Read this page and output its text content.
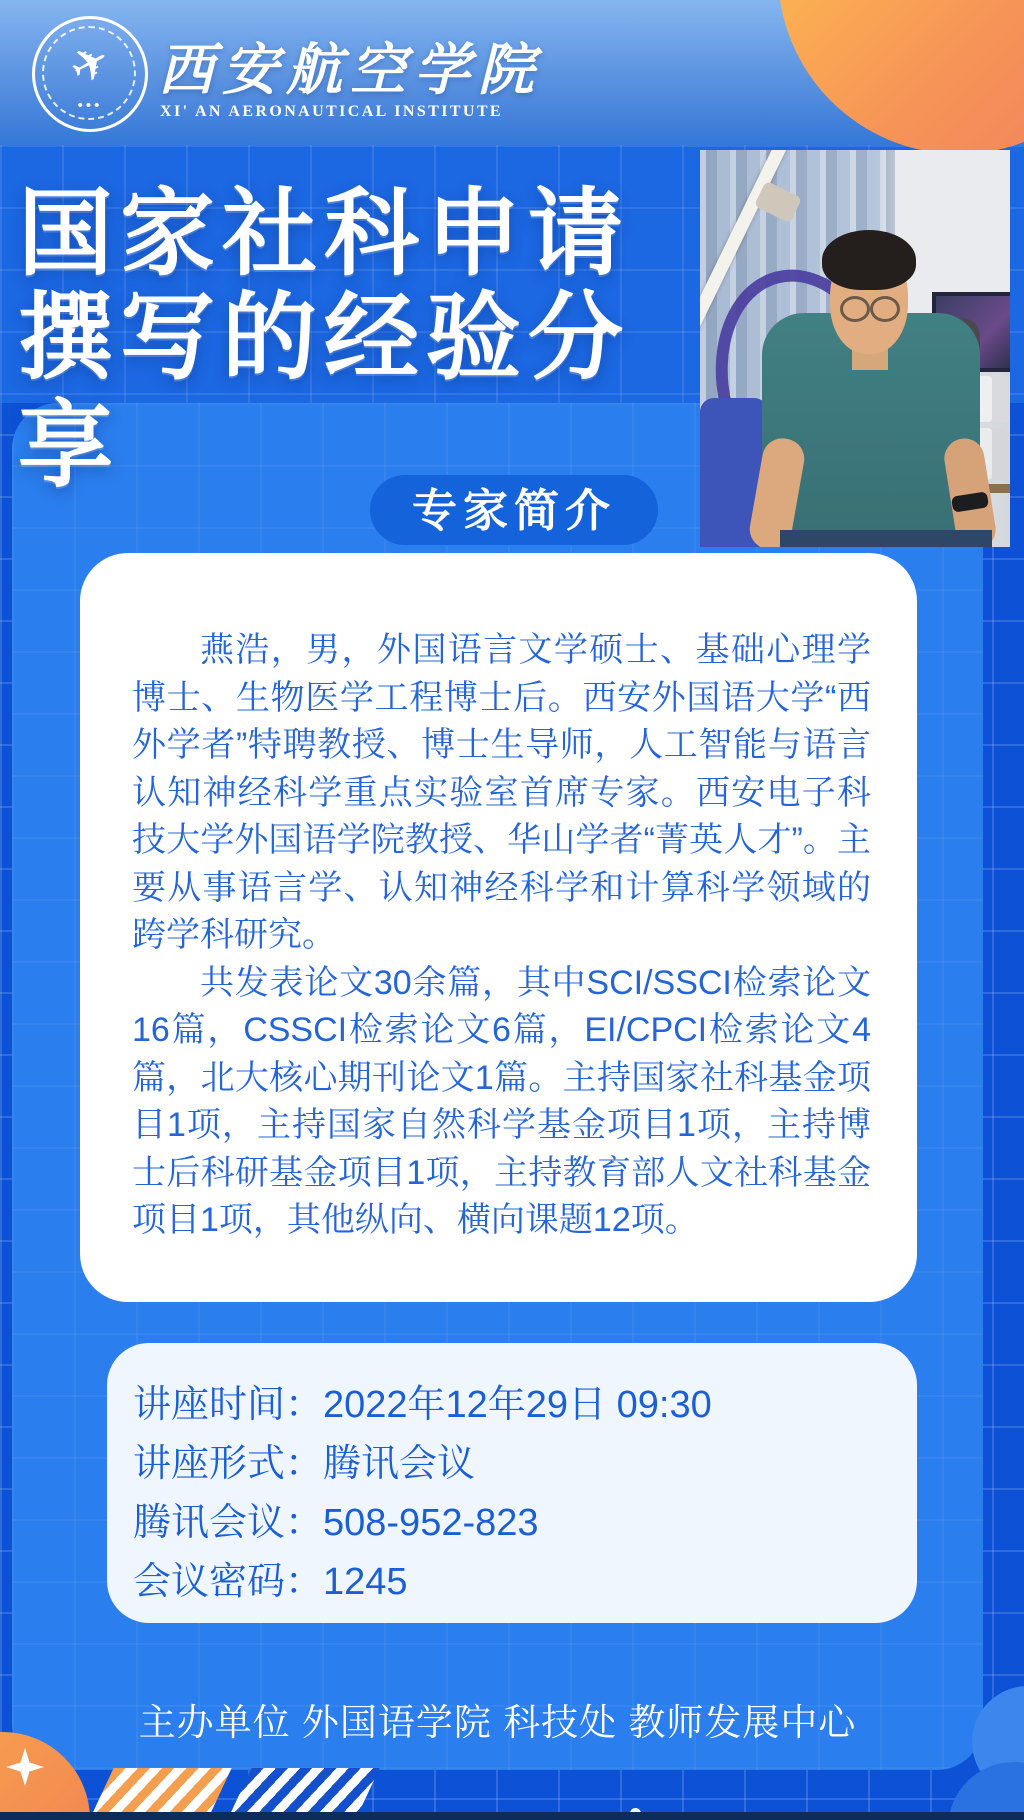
✈
•••
西安航空学院
XI' AN AERONAUTICAL INSTITUTE
国家社科申请
撰写的经验分
享
专家简介

燕浩，男，外国语言文学硕士、基础心理学博士、生物医学工程博士后。西安外国语大学“西外学者”特聘教授、博士生导师，人工智能与语言认知神经科学重点实验室首席专家。西安电子科技大学外国语学院教授、华山学者“菁英人才”。主要从事语言学、认知神经科学和计算科学领域的跨学科研究。

共发表论文30余篇，其中SCI/SSCI检索论文16篇，CSSCI检索论文6篇，EI/CPCI检索论文4篇，北大核心期刊论文1篇。主持国家社科基金项目1项，主持国家自然科学基金项目1项，主持博士后科研基金项目1项，主持教育部人文社科基金项目1项，其他纵向、横向课题12项。

讲座时间：2022年12年29日 09:30
讲座形式：腾讯会议
腾讯会议：508-952-823
会议密码：1245
主办单位 外国语学院 科技处 教师发展中心
